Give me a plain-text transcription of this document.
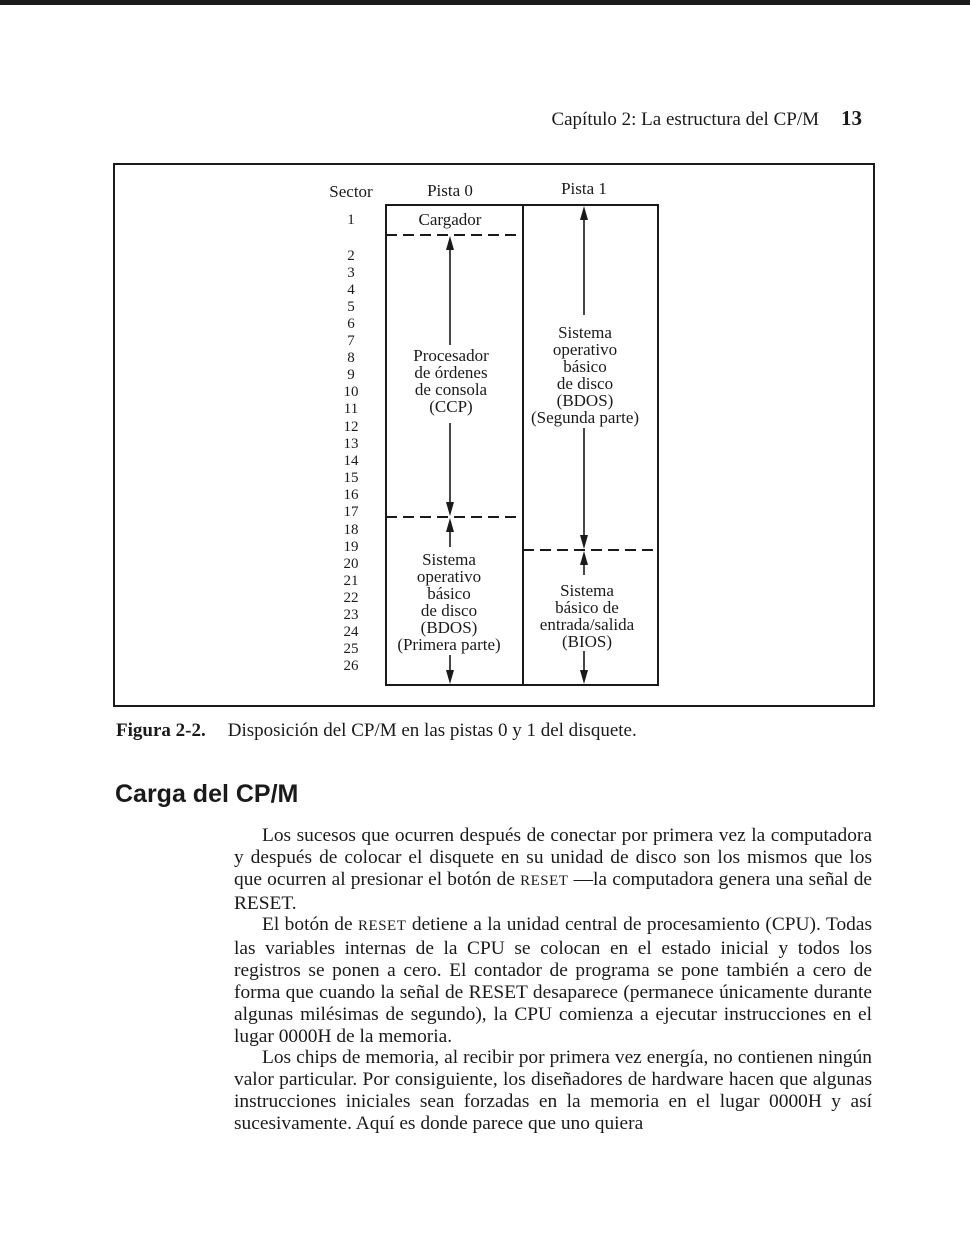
Capítulo 2: La estructura del CP/M 13
Sector	Pista 0	Pista 1
1
2
3
4
5
6
7
8
9
10
11
12
13
14
15
16
17
18
19
20
21
22
23
24
25
26
Cargador
Procesador
de órdenes
de consola
(CCP)
Sistema
operativo
básico
de disco
(BDOS)
(Primera parte)
Sistema
operativo
básico
de disco
(BDOS)
(Segunda parte)
Sistema
básico de
entrada/salida
(BIOS)
Figura 2-2. Disposición del CP/M en las pistas 0 y 1 del disquete.
Carga del CP/M

Los sucesos que ocurren después de conectar por primera vez la computadora y después de colocar el disquete en su unidad de disco son los mismos que los que ocurren al presionar el botón de RESET —la computadora genera una señal de RESET.

El botón de RESET detiene a la unidad central de procesamiento (CPU). Todas las variables internas de la CPU se colocan en el estado inicial y todos los registros se ponen a cero. El contador de programa se pone también a cero de forma que cuando la señal de RESET desaparece (permanece únicamente durante algunas milésimas de segundo), la CPU comienza a ejecutar instrucciones en el lugar 0000H de la memoria.

Los chips de memoria, al recibir por primera vez energía, no contienen ningún valor particular. Por consiguiente, los diseñadores de hardware hacen que algunas instrucciones iniciales sean forzadas en la memoria en el lugar 0000H y así sucesivamente. Aquí es donde parece que uno quiera
